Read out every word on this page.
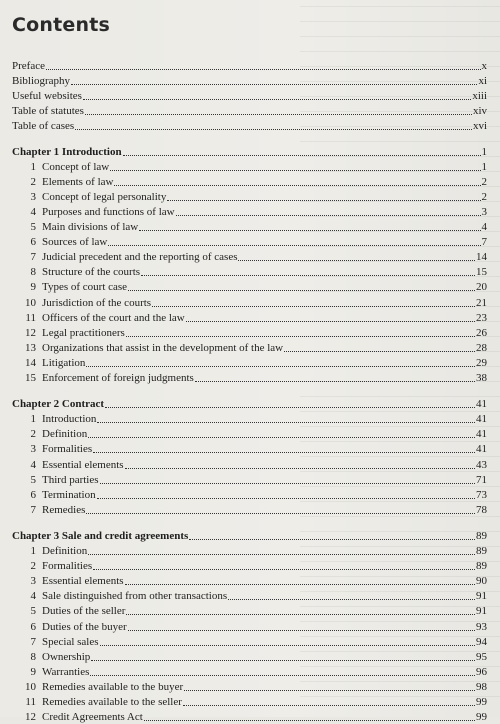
Contents
Preface	x
Bibliography	xi
Useful websites	xiii
Table of statutes	xiv
Table of cases	xvi
Chapter 1 Introduction	1
1 Concept of law	1
2 Elements of law	2
3 Concept of legal personality	2
4 Purposes and functions of law	3
5 Main divisions of law	4
6 Sources of law	7
7 Judicial precedent and the reporting of cases	14
8 Structure of the courts	15
9 Types of court case	20
10 Jurisdiction of the courts	21
11 Officers of the court and the law	23
12 Legal practitioners	26
13 Organizations that assist in the development of the law	28
14 Litigation	29
15 Enforcement of foreign judgments	38
Chapter 2 Contract	41
1 Introduction	41
2 Definition	41
3 Formalities	41
4 Essential elements	43
5 Third parties	71
6 Termination	73
7 Remedies	78
Chapter 3 Sale and credit agreements	89
1 Definition	89
2 Formalities	89
3 Essential elements	90
4 Sale distinguished from other transactions	91
5 Duties of the seller	91
6 Duties of the buyer	93
7 Special sales	94
8 Ownership	95
9 Warranties	96
10 Remedies available to the buyer	98
11 Remedies available to the seller	99
12 Credit Agreements Act	99
